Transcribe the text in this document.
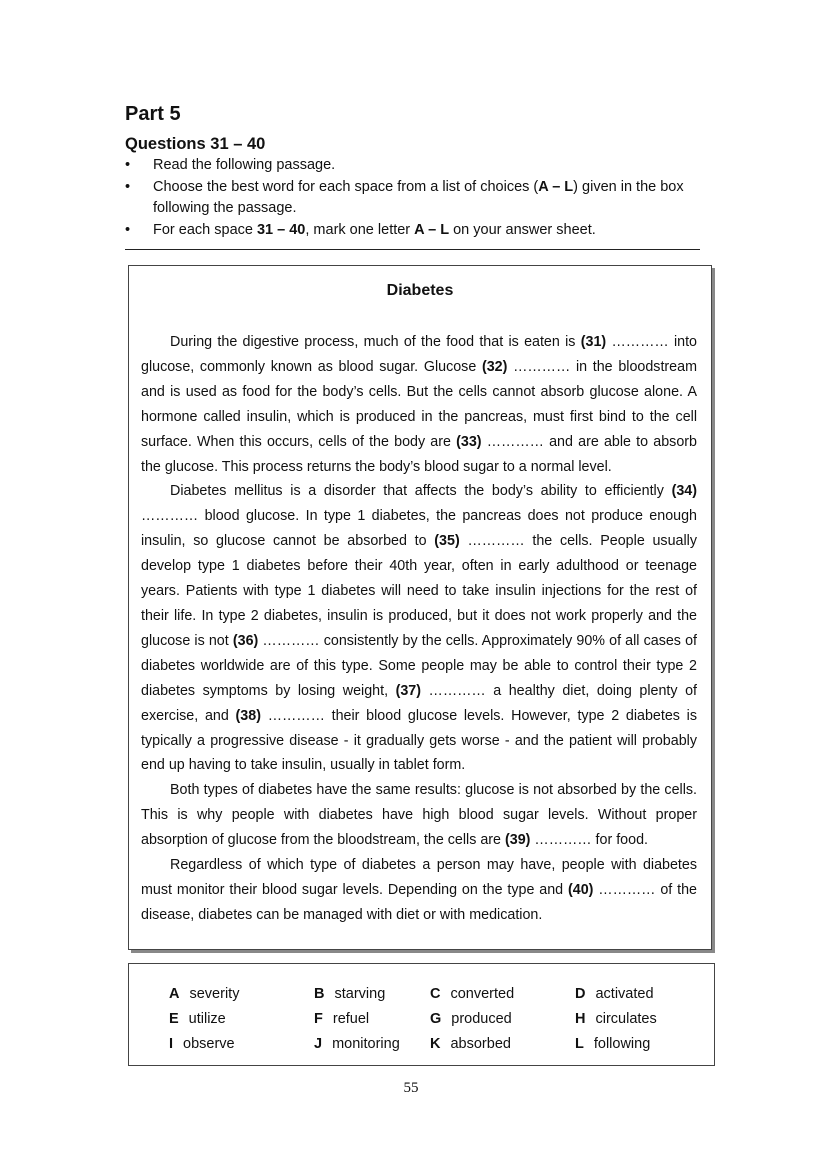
Part 5
Questions 31 – 40
• Read the following passage.
• Choose the best word for each space from a list of choices (A – L) given in the box following the passage.
• For each space 31 – 40, mark one letter A – L on your answer sheet.
Diabetes

During the digestive process, much of the food that is eaten is (31) ………… into glucose, commonly known as blood sugar. Glucose (32) ………… in the bloodstream and is used as food for the body’s cells. But the cells cannot absorb glucose alone. A hormone called insulin, which is produced in the pancreas, must first bind to the cell surface. When this occurs, cells of the body are (33) ………… and are able to absorb the glucose. This process returns the body’s blood sugar to a normal level.

Diabetes mellitus is a disorder that affects the body’s ability to efficiently (34) ………… blood glucose. In type 1 diabetes, the pancreas does not produce enough insulin, so glucose cannot be absorbed to (35) ………… the cells. People usually develop type 1 diabetes before their 40th year, often in early adulthood or teenage years. Patients with type 1 diabetes will need to take insulin injections for the rest of their life. In type 2 diabetes, insulin is produced, but it does not work properly and the glucose is not (36) ………… consistently by the cells. Approximately 90% of all cases of diabetes worldwide are of this type. Some people may be able to control their type 2 diabetes symptoms by losing weight, (37) ………… a healthy diet, doing plenty of exercise, and (38) ………… their blood glucose levels. However, type 2 diabetes is typically a progressive disease - it gradually gets worse - and the patient will probably end up having to take insulin, usually in tablet form.

Both types of diabetes have the same results: glucose is not absorbed by the cells. This is why people with diabetes have high blood sugar levels. Without proper absorption of glucose from the bloodstream, the cells are (39) ………… for food.

Regardless of which type of diabetes a person may have, people with diabetes must monitor their blood sugar levels. Depending on the type and (40) ………… of the disease, diabetes can be managed with diet or with medication.

A severity	B starving	C converted	D activated
E utilize	F refuel	G produced	H circulates
I observe	J monitoring K absorbed	L following
55
